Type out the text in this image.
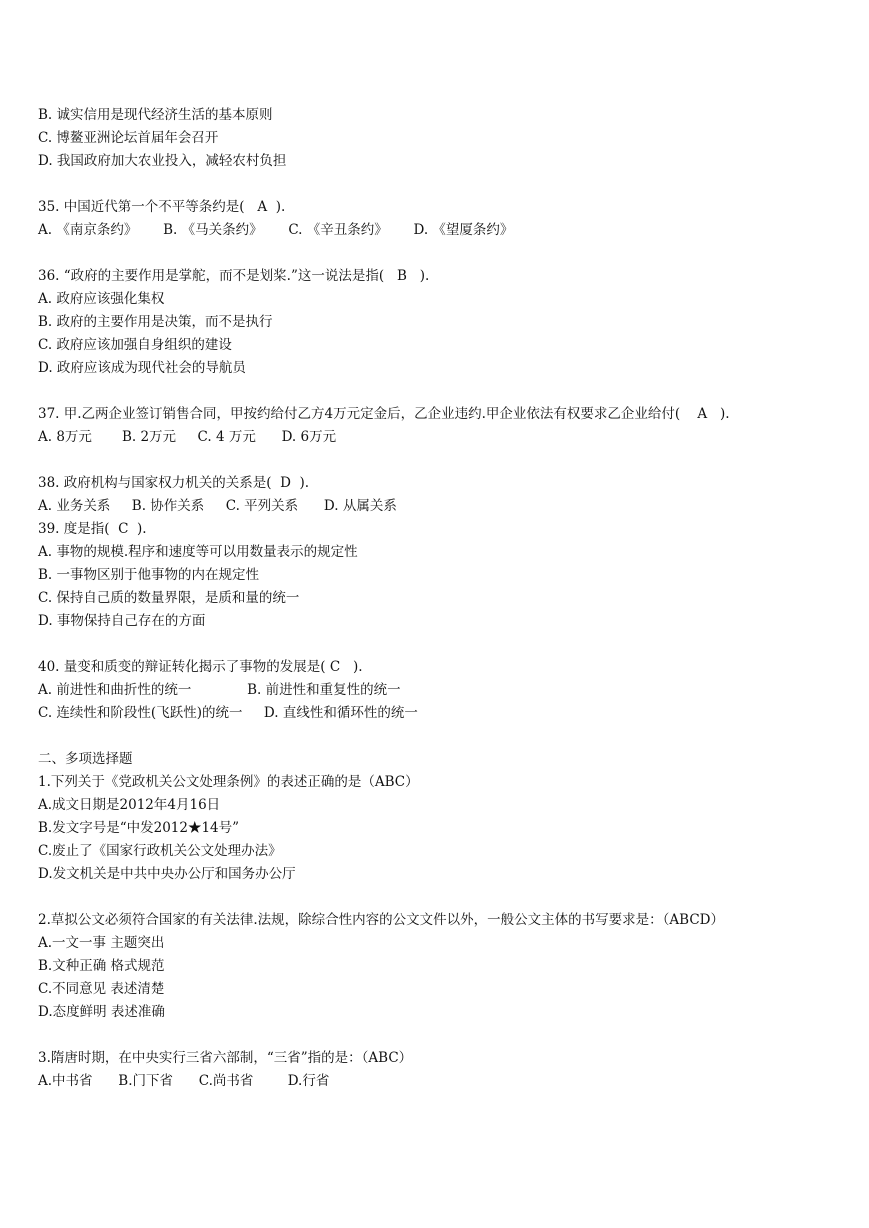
B. 诚实信用是现代经济生活的基本原则
C. 博鳌亚洲论坛首届年会召开
D. 我国政府加大农业投入，减轻农村负担
35. 中国近代第一个不平等条约是(   A  ).
A. 《南京条约》      B. 《马关条约》      C. 《辛丑条约》      D. 《望厦条约》
36. “政府的主要作用是掌舵，而不是划桨.”这一说法是指(   B   ).
A. 政府应该强化集权
B. 政府的主要作用是决策，而不是执行
C. 政府应该加强自身组织的建设
D. 政府应该成为现代社会的导航员
37. 甲.乙两企业签订销售合同，甲按约给付乙方4万元定金后，乙企业违约.甲企业依法有权要求乙企业给付(    A   ).
A. 8万元       B. 2万元     C. 4 万元      D. 6万元
38. 政府机构与国家权力机关的关系是(  D  ).
A. 业务关系     B. 协作关系     C. 平列关系      D. 从属关系
39. 度是指(  C  ).
A. 事物的规模.程序和速度等可以用数量表示的规定性
B. 一事物区别于他事物的内在规定性
C. 保持自己质的数量界限，是质和量的统一
D. 事物保持自己存在的方面
40. 量变和质变的辩证转化揭示了事物的发展是( C   ).
A. 前进性和曲折性的统一             B. 前进性和重复性的统一
C. 连续性和阶段性(飞跃性)的统一     D. 直线性和循环性的统一
二、多项选择题
1.下列关于《党政机关公文处理条例》的表述正确的是（ABC）
A.成文日期是2012年4月16日
B.发文字号是“中发2012★14号”
C.废止了《国家行政机关公文处理办法》
D.发文机关是中共中央办公厅和国务办公厅
2.草拟公文必须符合国家的有关法律.法规，除综合性内容的公文文件以外，一般公文主体的书写要求是：（ABCD）
A.一文一事 主题突出
B.文种正确 格式规范
C.不同意见 表述清楚
D.态度鲜明 表述准确
3.隋唐时期，在中央实行三省六部制，“三省”指的是：（ABC）
A.中书省      B.门下省      C.尚书省        D.行省
